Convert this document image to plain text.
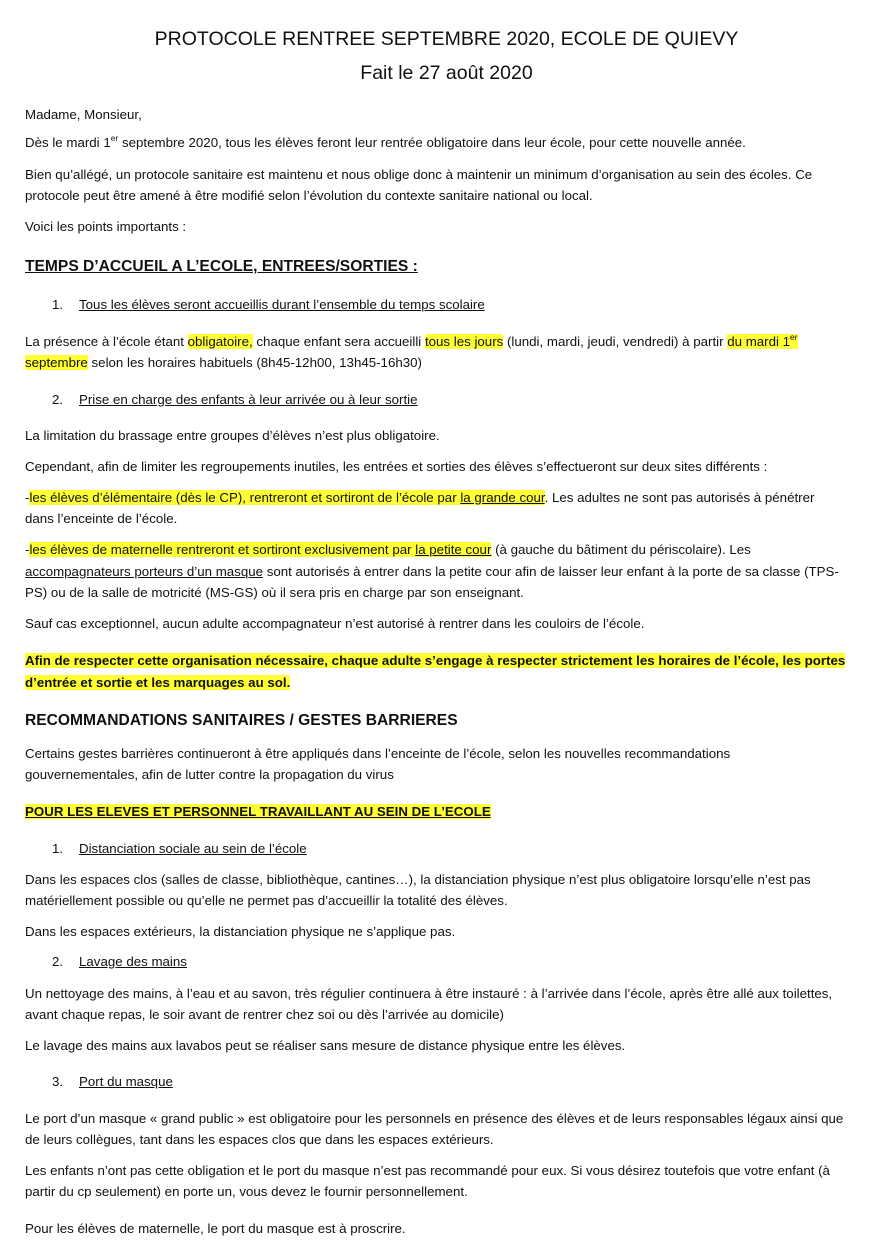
PROTOCOLE RENTREE SEPTEMBRE 2020, ECOLE DE QUIEVY
Fait le 27 août 2020
Madame, Monsieur,
Dès le mardi 1er septembre 2020, tous les élèves feront leur rentrée obligatoire dans leur école, pour cette nouvelle année.
Bien qu’allégé, un protocole sanitaire est maintenu et nous oblige donc à maintenir un minimum d’organisation au sein des écoles. Ce
protocole peut être amené à être modifié selon l’évolution du contexte sanitaire national ou local.
Voici les points importants :
TEMPS D’ACCUEIL A L’ECOLE, ENTREES/SORTIES :
1. Tous les élèves seront accueillis durant l’ensemble du temps scolaire
La présence à l’école étant obligatoire, chaque enfant sera accueilli tous les jours (lundi, mardi, jeudi, vendredi) à partir du mardi 1er
septembre selon les horaires habituels (8h45-12h00, 13h45-16h30)
2. Prise en charge des enfants à leur arrivée ou à leur sortie
La limitation du brassage entre groupes d’élèves n’est plus obligatoire.
Cependant, afin de limiter les regroupements inutiles, les entrées et sorties des élèves s’effectueront sur deux sites différents :
-les élèves d’élémentaire (dès le CP), rentreront et sortiront de l’école par la grande cour. Les adultes ne sont pas autorisés à pénétrer
dans l’enceinte de l’école.
-les élèves de maternelle rentreront et sortiront exclusivement par la petite cour (à gauche du bâtiment du périscolaire). Les
accompagnateurs porteurs d’un masque sont autorisés à entrer dans la petite cour afin de laisser leur enfant à la porte de sa classe (TPS-
PS) ou de la salle de motricité (MS-GS) où il sera pris en charge par son enseignant.
Sauf cas exceptionnel, aucun adulte accompagnateur n’est autorisé à rentrer dans les couloirs de l’école.
Afin de respecter cette organisation nécessaire, chaque adulte s’engage à respecter strictement les horaires de l’école, les portes
d’entrée et sortie et les marquages au sol.
RECOMMANDATIONS SANITAIRES / GESTES BARRIERES
Certains gestes barrières continueront à être appliqués dans l’enceinte de l’école, selon les nouvelles recommandations
gouvernementales, afin de lutter contre la propagation du virus
POUR LES ELEVES ET PERSONNEL TRAVAILLANT AU SEIN DE L’ECOLE
1. Distanciation sociale au sein de l’école
Dans les espaces clos (salles de classe, bibliothèque, cantines…), la distanciation physique n’est plus obligatoire lorsqu’elle n’est pas
matériellement possible ou qu’elle ne permet pas d’accueillir la totalité des élèves.
Dans les espaces extérieurs, la distanciation physique ne s’applique pas.
2. Lavage des mains
Un nettoyage des mains, à l’eau et au savon, très régulier continuera à être instauré : à l’arrivée dans l’école, après être allé aux toilettes,
avant chaque repas, le soir avant de rentrer chez soi ou dès l’arrivée au domicile)
Le lavage des mains aux lavabos peut se réaliser sans mesure de distance physique entre les élèves.
3. Port du masque
Le port d’un masque « grand public » est obligatoire pour les personnels en présence des élèves et de leurs responsables légaux ainsi que
de leurs collègues, tant dans les espaces clos que dans les espaces extérieurs.
Les enfants n’ont pas cette obligation et le port du masque n’est pas recommandé pour eux. Si vous désirez toutefois que votre enfant (à
partir du cp seulement) en porte un, vous devez le fournir personnellement.
Pour les élèves de maternelle, le port du masque est à proscrire.
